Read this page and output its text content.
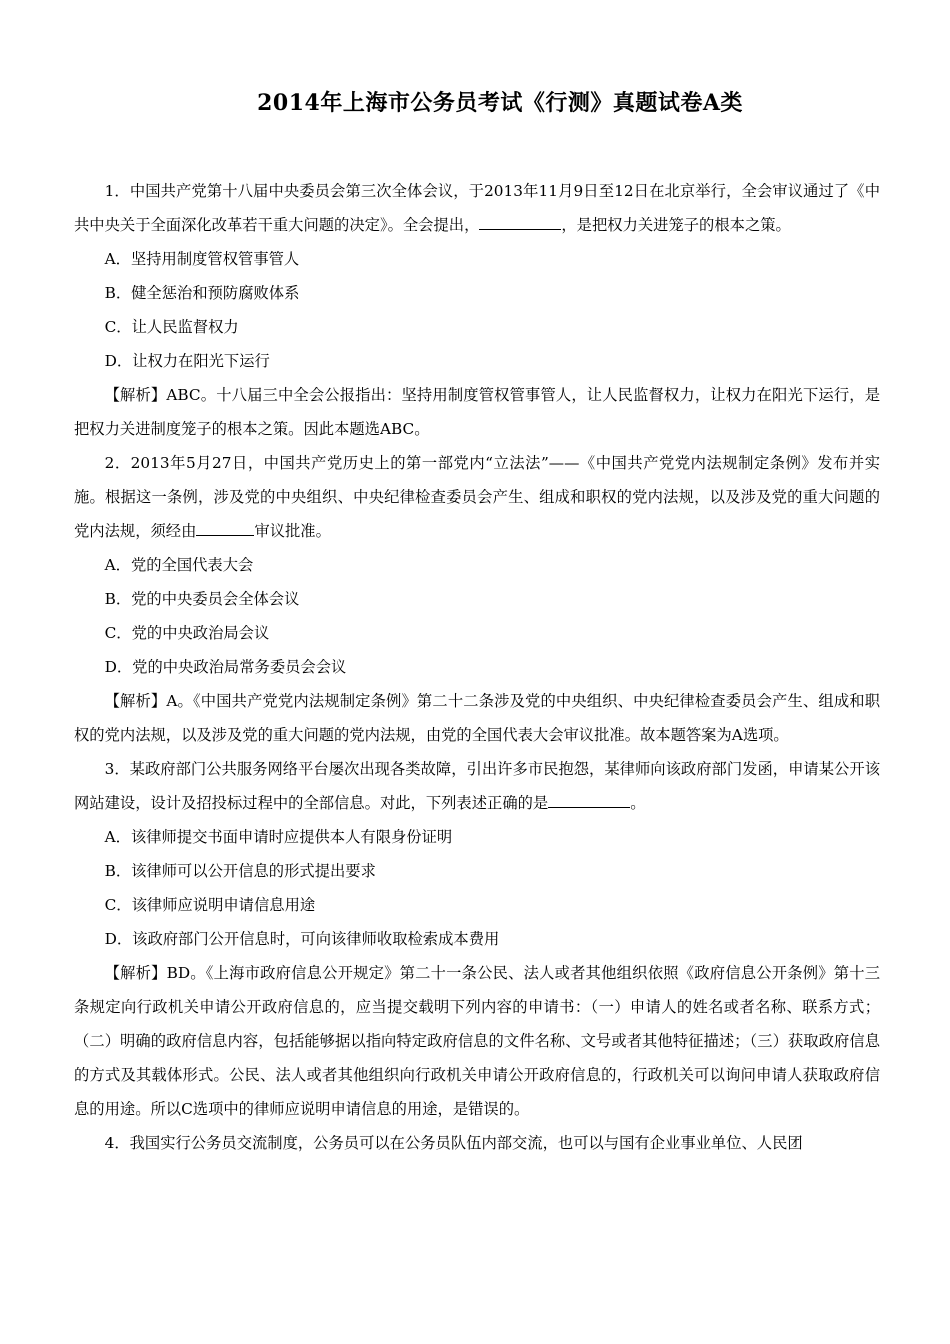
2014年上海市公务员考试《行测》真题试卷A类

1．中国共产党第十八届中央委员会第三次全体会议，于2013年11月9日至12日在北京举行，全会审议通过了《中共中央关于全面深化改革若干重大问题的决定》。全会提出，	，是把权力关进笼子的根本之策。

A．坚持用制度管权管事管人

B．健全惩治和预防腐败体系

C．让人民监督权力

D．让权力在阳光下运行

【解析】ABC。十八届三中全会公报指出：坚持用制度管权管事管人，让人民监督权力，让权力在阳光下运行，是把权力关进制度笼子的根本之策。因此本题选ABC。

2．2013年5月27日，中国共产党历史上的第一部党内“立法法”——《中国共产党党内法规制定条例》发布并实施。根据这一条例，涉及党的中央组织、中央纪律检查委员会产生、组成和职权的党内法规，以及涉及党的重大问题的党内法规，须经由	审议批准。

A．党的全国代表大会

B．党的中央委员会全体会议

C．党的中央政治局会议

D．党的中央政治局常务委员会会议

【解析】A。《中国共产党党内法规制定条例》第二十二条涉及党的中央组织、中央纪律检查委员会产生、组成和职权的党内法规，以及涉及党的重大问题的党内法规，由党的全国代表大会审议批准。故本题答案为A选项。

3．某政府部门公共服务网络平台屡次出现各类故障，引出许多市民抱怨，某律师向该政府部门发函，申请某公开该网站建设，设计及招投标过程中的全部信息。对此，下列表述正确的是	。

A．该律师提交书面申请时应提供本人有限身份证明

B．该律师可以公开信息的形式提出要求

C．该律师应说明申请信息用途

D．该政府部门公开信息时，可向该律师收取检索成本费用

【解析】BD。《上海市政府信息公开规定》第二十一条公民、法人或者其他组织依照《政府信息公开条例》第十三条规定向行政机关申请公开政府信息的，应当提交载明下列内容的申请书：（一）申请人的姓名或者名称、联系方式；（二）明确的政府信息内容，包括能够据以指向特定政府信息的文件名称、文号或者其他特征描述；（三）获取政府信息的方式及其载体形式。公民、法人或者其他组织向行政机关申请公开政府信息的，行政机关可以询问申请人获取政府信息的用途。所以C选项中的律师应说明申请信息的用途，是错误的。

4．我国实行公务员交流制度，公务员可以在公务员队伍内部交流，也可以与国有企业事业单位、人民团
